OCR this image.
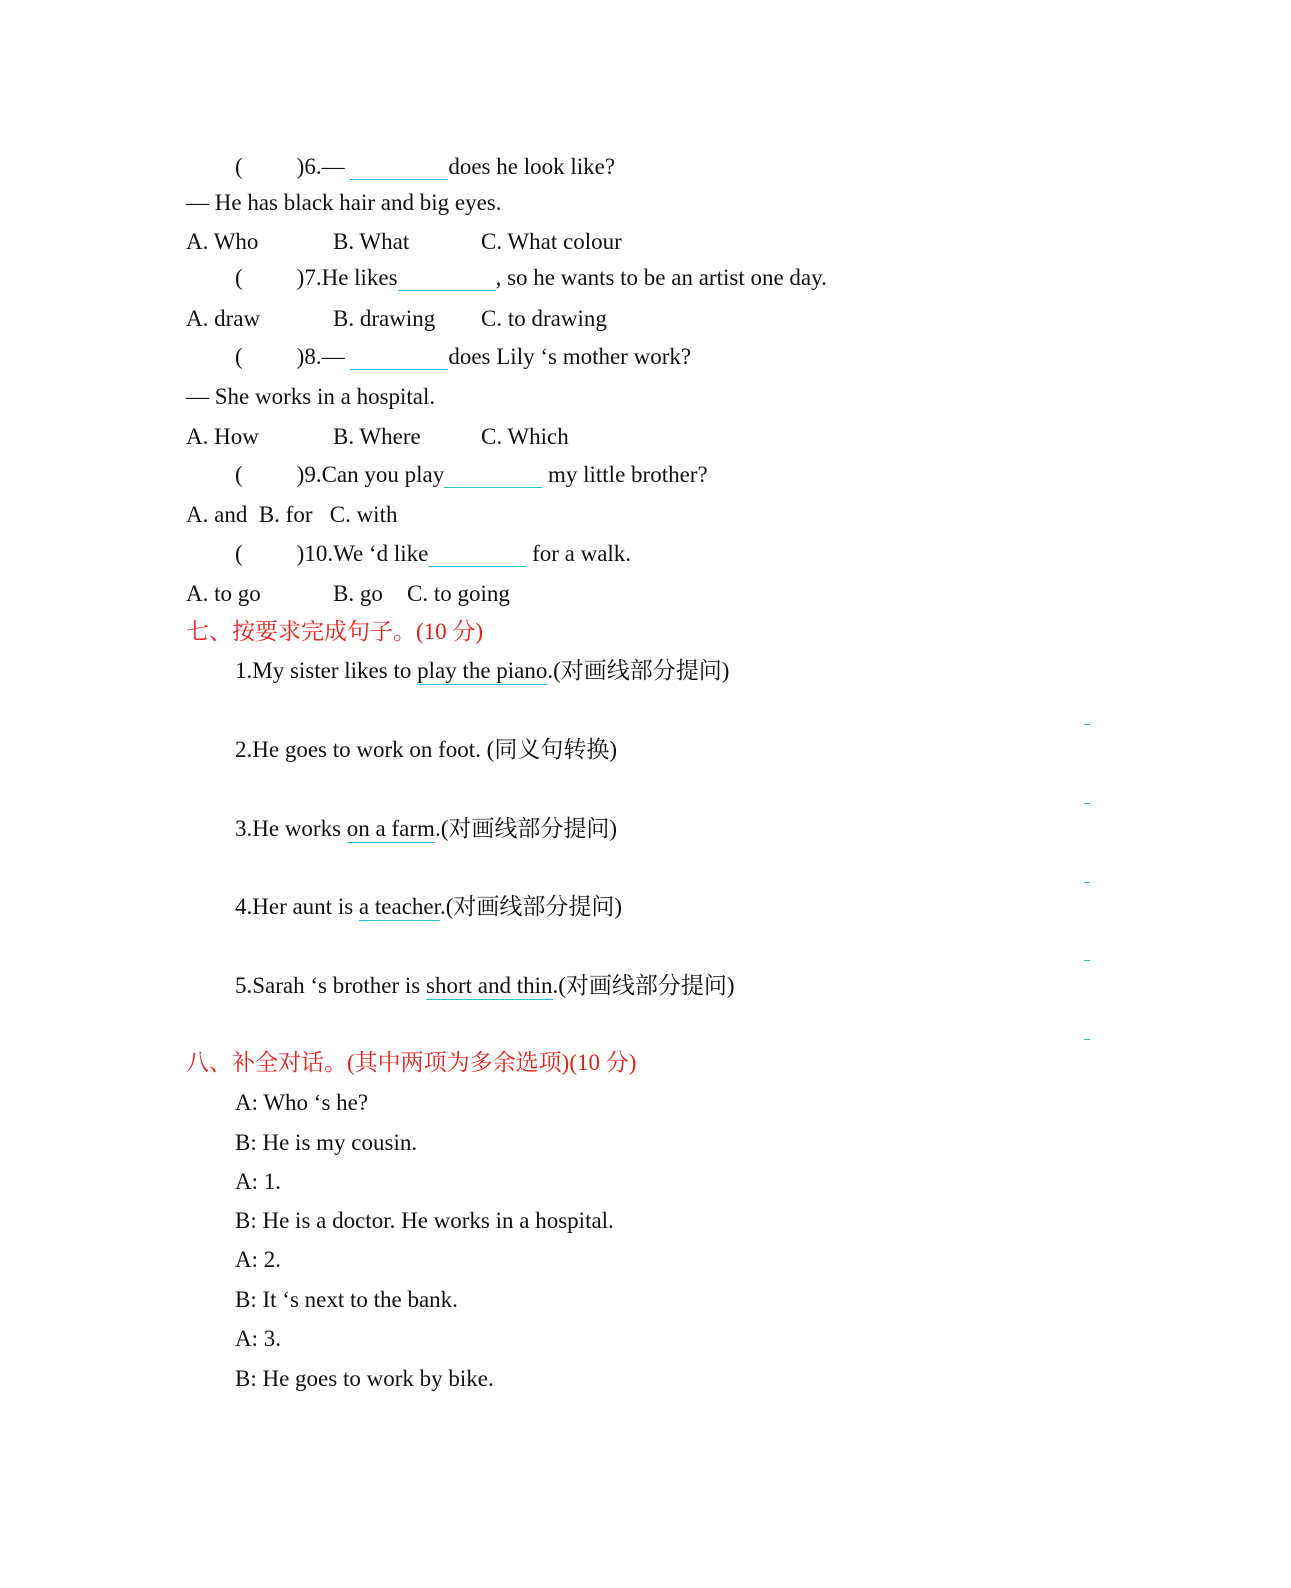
( )6.—	does he look like?
— He has black hair and big eyes.
A. Who	B. What	C. What colour
( )7.He likes	, so he wants to be an artist one day.
A. draw	B. drawing C. to drawing
( )8.—	does Lily ‘s mother work?
— She works in a hospital.
A. How	B. Where	C. Which
( )9.Can you play	my little brother?
A. and  B. for   C. with
( )10.We ‘d like	for a walk.
A. to go	B. go C. to going
七、按要求完成句子。(10 分)
1.My sister likes to play the piano.(对画线部分提问)
2.He goes to work on foot. (同义句转换)
3.He works on a farm.(对画线部分提问)
4.Her aunt is a teacher.(对画线部分提问)
5.Sarah ‘s brother is short and thin.(对画线部分提问)
八、补全对话。(其中两项为多余选项)(10 分)
A: Who ‘s he?
B: He is my cousin.
A: 1.
B: He is a doctor. He works in a hospital.
A: 2.
B: It ‘s next to the bank.
A: 3.
B: He goes to work by bike.
